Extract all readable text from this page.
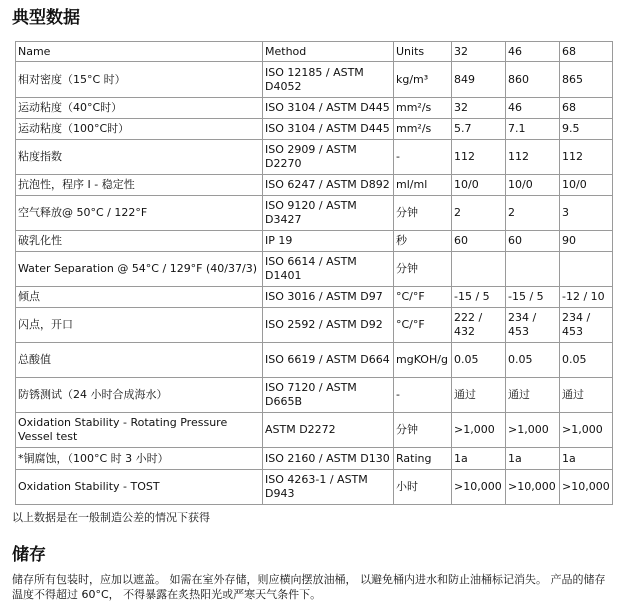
典型数据
Name	Method	Units	32	46	68
相对密度（15°C 时）	ISO 12185 / ASTM D4052	kg/m³	849	860	865
运动粘度（40°C时）	ISO 3104 / ASTM D445	mm²/s	32	46	68
运动粘度（100°C时）	ISO 3104 / ASTM D445	mm²/s	5.7	7.1	9.5
粘度指数	ISO 2909 / ASTM D2270	-	112	112	112
抗泡性，程序 I - 稳定性	ISO 6247 / ASTM D892	ml/ml	10/0	10/0	10/0
空气释放@ 50°C / 122°F	ISO 9120 / ASTM D3427	分钟	2	2	3
破乳化性	IP 19	秒	60	60	90
Water Separation @ 54°C / 129°F (40/37/3)	ISO 6614 / ASTM D1401	分钟			
倾点	ISO 3016 / ASTM D97	°C/°F	-15 / 5	-15 / 5	-12 / 10
闪点，开口	ISO 2592 / ASTM D92	°C/°F	222 / 432	234 / 453	234 / 453
总酸值	ISO 6619 / ASTM D664	mgKOH/g	0.05	0.05	0.05
防锈测试（24 小时合成海水）	ISO 7120 / ASTM D665B	-	通过	通过	通过
Oxidation Stability - Rotating Pressure Vessel test	ASTM D2272	分钟	>1,000	>1,000	>1,000
*铜腐蚀，（100°C 时 3 小时）	ISO 2160 / ASTM D130	Rating	1a	1a	1a
Oxidation Stability - TOST	ISO 4263-1 / ASTM D943	小时	>10,000	>10,000	>10,000

以上数据是在一般制造公差的情况下获得

储存

储存所有包装时，应加以遮盖。 如需在室外存储，则应横向摆放油桶， 以避免桶内进水和防止油桶标记消失。 产品的储存温度不得超过 60°C， 不得暴露在炙热阳光或严寒天气条件下。
